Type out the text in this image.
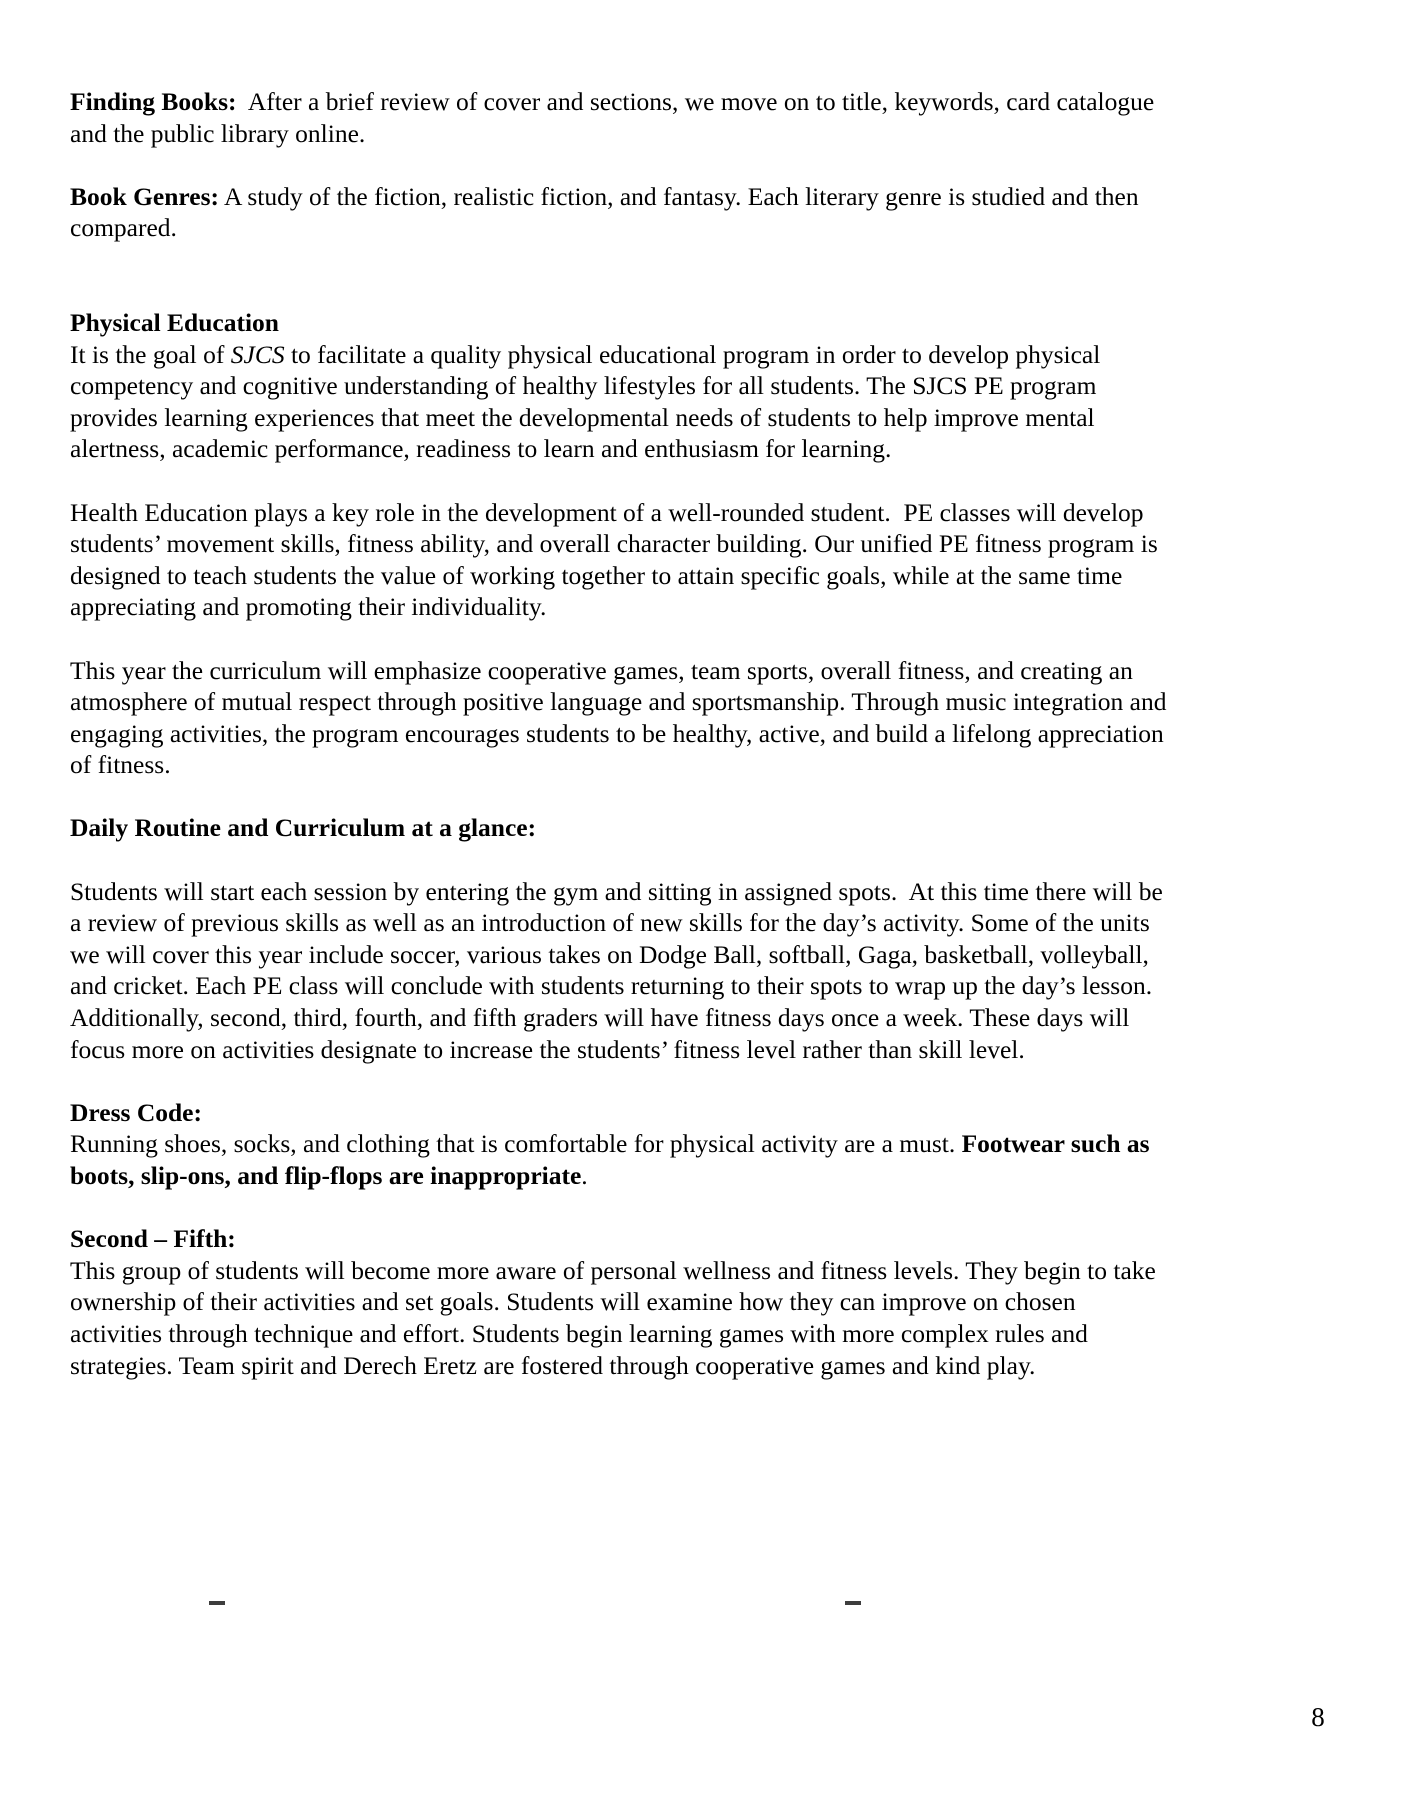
Finding Books:  After a brief review of cover and sections, we move on to title, keywords, card catalogue and the public library online.

Book Genres: A study of the fiction, realistic fiction, and fantasy. Each literary genre is studied and then compared.

Physical Education

It is the goal of SJCS to facilitate a quality physical educational program in order to develop physical competency and cognitive understanding of healthy lifestyles for all students. The SJCS PE program provides learning experiences that meet the developmental needs of students to help improve mental alertness, academic performance, readiness to learn and enthusiasm for learning.

Health Education plays a key role in the development of a well-rounded student.  PE classes will develop students’ movement skills, fitness ability, and overall character building. Our unified PE fitness program is designed to teach students the value of working together to attain specific goals, while at the same time appreciating and promoting their individuality.

This year the curriculum will emphasize cooperative games, team sports, overall fitness, and creating an atmosphere of mutual respect through positive language and sportsmanship. Through music integration and engaging activities, the program encourages students to be healthy, active, and build a lifelong appreciation of fitness.

Daily Routine and Curriculum at a glance:

Students will start each session by entering the gym and sitting in assigned spots.  At this time there will be a review of previous skills as well as an introduction of new skills for the day’s activity. Some of the units we will cover this year include soccer, various takes on Dodge Ball, softball, Gaga, basketball, volleyball, and cricket. Each PE class will conclude with students returning to their spots to wrap up the day’s lesson.  Additionally, second, third, fourth, and fifth graders will have fitness days once a week. These days will focus more on activities designate to increase the students’ fitness level rather than skill level.

Dress Code:

Running shoes, socks, and clothing that is comfortable for physical activity are a must. Footwear such as boots, slip-ons, and flip-flops are inappropriate.

Second – Fifth:

This group of students will become more aware of personal wellness and fitness levels. They begin to take ownership of their activities and set goals. Students will examine how they can improve on chosen activities through technique and effort. Students begin learning games with more complex rules and strategies. Team spirit and Derech Eretz are fostered through cooperative games and kind play.

8
